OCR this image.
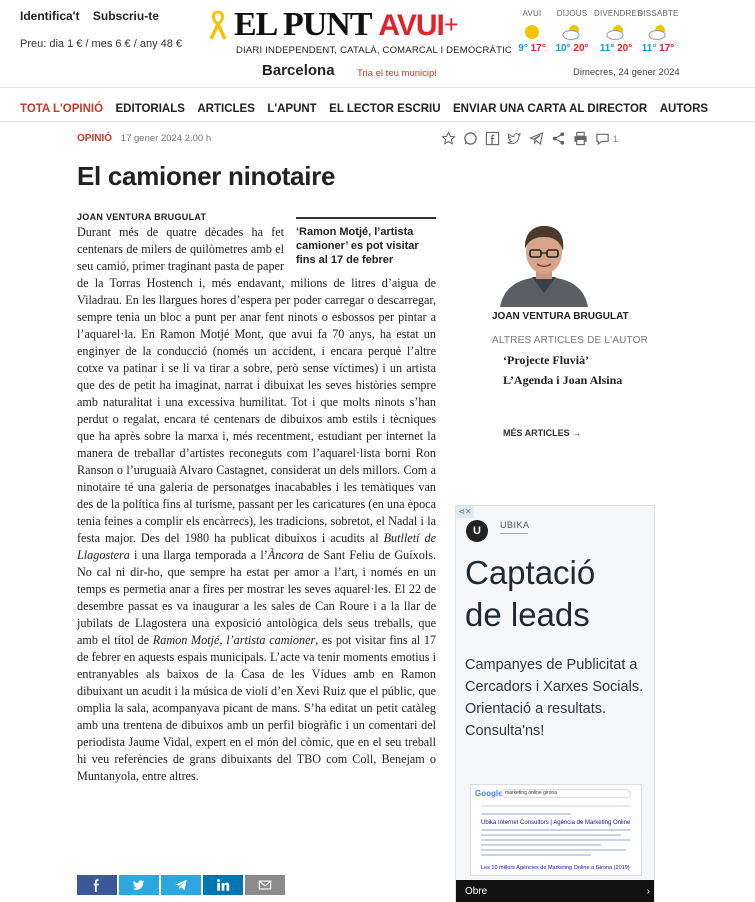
Identifica't Subscriu-te
Preu: dia 1 € / mes 6 € / any 48 €
EL PUNT AVUI+
DIARI INDEPENDENT, CATALÀ, COMARCAL I DEMOCRÀTIC
Barcelona Tria el teu municipi
AVUI
9° 17°
DIJOUS
10° 20°
DIVENDRES
11° 20°
DISSABTE
11° 17°
Dimecres, 24 gener 2024
TOTA L'OPINIÓ EDITORIALS ARTICLES L'APUNT EL LECTOR ESCRIU ENVIAR UNA CARTA AL DIRECTOR AUTORS
OPINIÓ 17 gener 2024 2.00 h	1
El camioner ninotaire
JOAN VENTURA BRUGULAT
‘Ramon Motjé, l’artista camioner’ es pot visitar fins al 17 de febrer
Durant més de quatre dècades ha fet centenars de milers de quilòmetres amb el seu camió, primer traginant pasta de paper de la Torras Hostench i, més endavant, milions de litres d’aigua de Viladrau. En les llargues hores d’espera per poder carregar o descarregar, sempre tenia un bloc a punt per anar fent ninots o esbossos per pintar a l’aquarel·la. En Ramon Motjé Mont, que avui fa 70 anys, ha estat un enginyer de la conducció (només un accident, i encara perquè l’altre cotxe va patinar i se li va tirar a sobre, però sense víctimes) i un artista que des de petit ha imaginat, narrat i dibuixat les seves històries sempre amb naturalitat i una excessiva humilitat. Tot i que molts ninots s’han perdut o regalat, encara té centenars de dibuixos amb estils i tècniques que ha après sobre la marxa i, més recentment, estudiant per internet la manera de treballar d’artistes reconeguts com l’aquarel·lista borni Ron Ranson o l’uruguaià Alvaro Castagnet, considerat un dels millors. Com a ninotaire té una galeria de personatges inacabables i les temàtiques van des de la política fins al turisme, passant per les caricatures (en una època tenia feines a complir els encàrrecs), les tradicions, sobretot, el Nadal i la festa major. Des del 1980 ha publicat dibuixos i acudits al Butlletí de Llagostera i una llarga temporada a l’Àncora de Sant Feliu de Guíxols. No cal ni dir-ho, que sempre ha estat per amor a l’art, i només en un temps es permetia anar a fires per mostrar les seves aquarel·les. El 22 de desembre passat es va inaugurar a les sales de Can Roure i a la llar de jubilats de Llagostera una exposició antològica dels seus treballs, que amb el títol de Ramon Motjé, l’artista camioner, es pot visitar fins al 17 de febrer en aquests espais municipals. L’acte va tenir moments emotius i entranyables als baixos de la Casa de les Vídues amb en Ramon dibuixant un acudit i la música de violí d’en Xevi Ruiz que el públic, que omplia la sala, acompanyava picant de mans. S’ha editat un petit catàleg amb una trentena de dibuixos amb un perfil biogràfic i un comentari del periodista Jaume Vidal, expert en el món del còmic, que en el seu treball hi veu referències de grans dibuixants del TBO com Coll, Benejam o Muntanyola, entre altres.
JOAN VENTURA BRUGULAT
ALTRES ARTICLES DE L'AUTOR
‘Projecte Fluvià’
L’Agenda i Joan Alsina
MÉS ARTICLES →
⊲✕
U	UBIKA
Captació
de leads
Campanyes de Publicitat a Cercadors i Xarxes Socials. Orientació a resultats. Consulta'ns!
Google marketing online girona
Ubika Internet Consultors | Agència de Marketing Online
Les 10 millors Agències de Marketing Online a Girona (2019)
Obre	›
